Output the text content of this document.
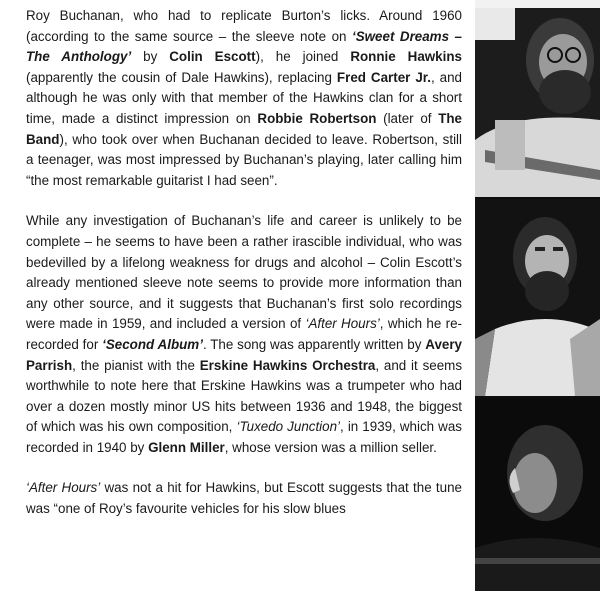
Roy Buchanan, who had to replicate Burton’s licks. Around 1960 (according to the same source – the sleeve note on ‘Sweet Dreams – The Anthology’ by Colin Escott), he joined Ronnie Hawkins (apparently the cousin of Dale Hawkins), replacing Fred Carter Jr., and although he was only with that member of the Hawkins clan for a short time, made a distinct impression on Robbie Robertson (later of The Band), who took over when Buchanan decided to leave. Robertson, still a teenager, was most impressed by Buchanan’s playing, later calling him “the most remarkable guitarist I had seen”.

While any investigation of Buchanan’s life and career is unlikely to be complete – he seems to have been a rather irascible individual, who was bedevilled by a lifelong weakness for drugs and alcohol – Colin Escott’s already mentioned sleeve note seems to provide more information than any other source, and it suggests that Buchanan’s first solo recordings were made in 1959, and included a version of ‘After Hours’, which he re-recorded for ‘Second Album’. The song was apparently written by Avery Parrish, the pianist with the Erskine Hawkins Orchestra, and it seems worthwhile to note here that Erskine Hawkins was a trumpeter who had over a dozen mostly minor US hits between 1936 and 1948, the biggest of which was his own composition, ‘Tuxedo Junction’, in 1939, which was recorded in 1940 by Glenn Miller, whose version was a million seller.

‘After Hours’ was not a hit for Hawkins, but Escott suggests that the tune was “one of Roy’s favourite vehicles for his slow blues
